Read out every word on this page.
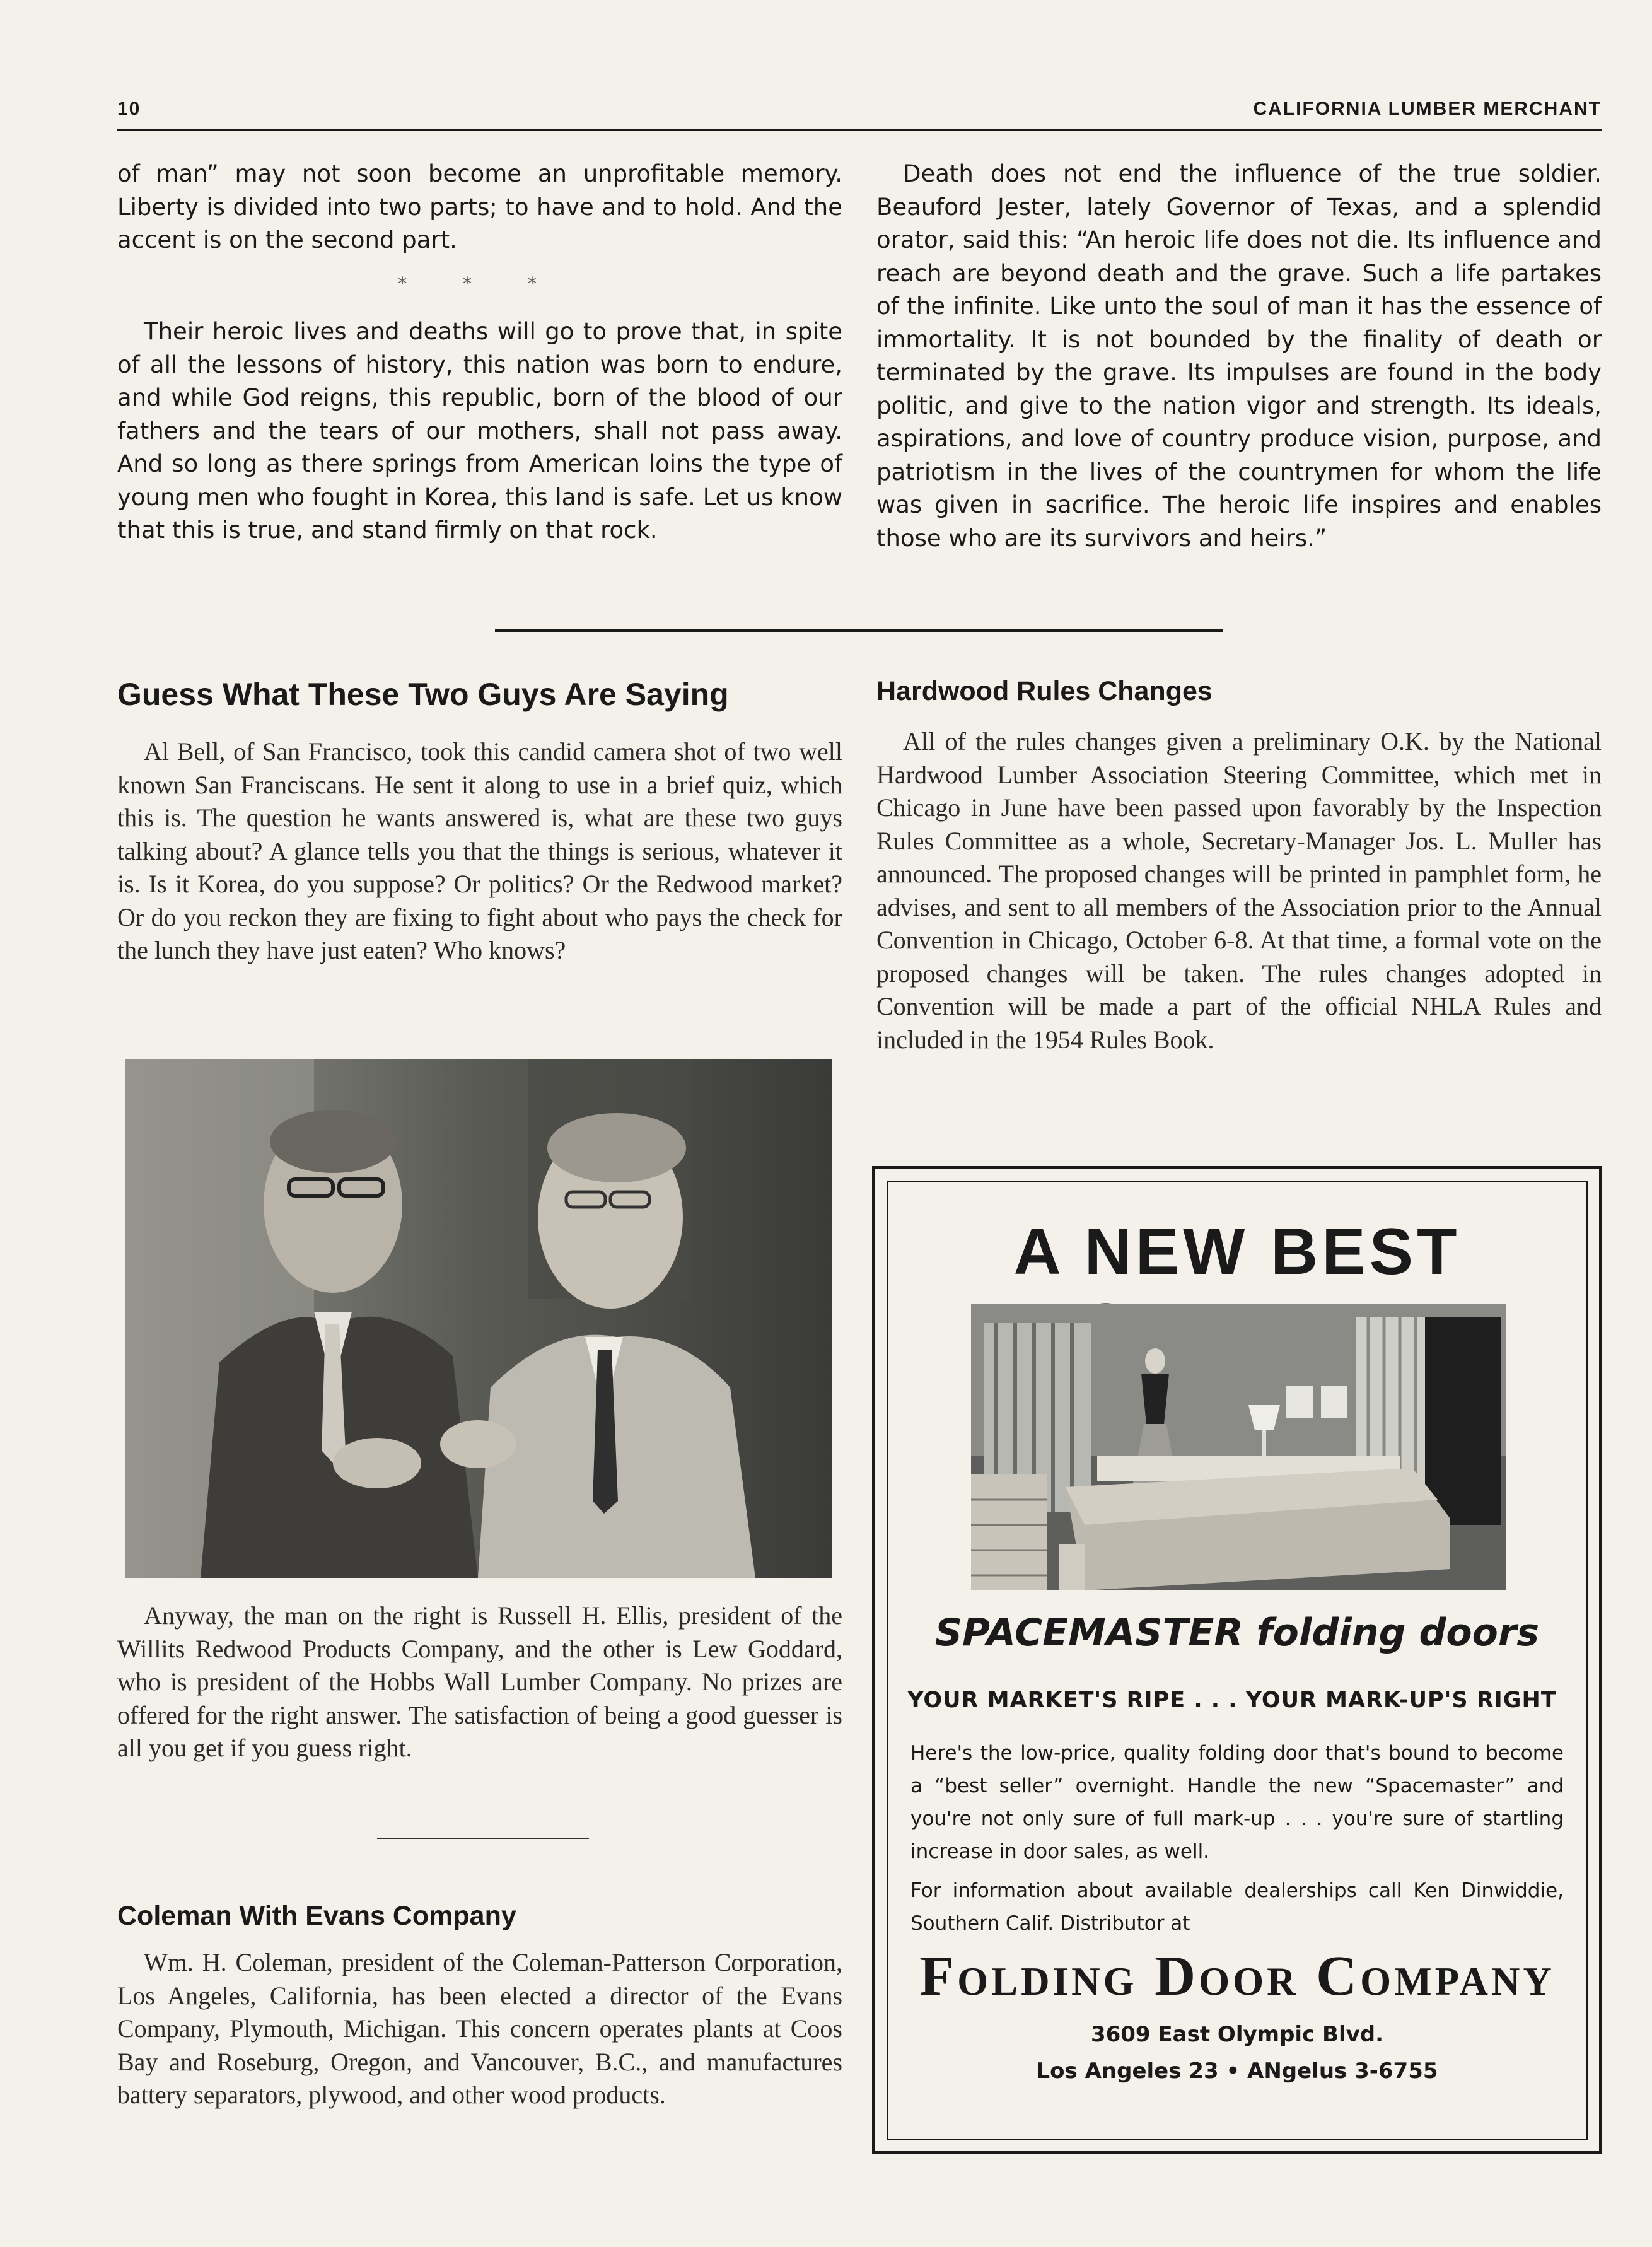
10	CALIFORNIA LUMBER MERCHANT

of man” may not soon become an unprofitable memory. Liberty is divided into two parts; to have and to hold. And the accent is on the second part.

* * *

Their heroic lives and deaths will go to prove that, in spite of all the lessons of history, this nation was born to endure, and while God reigns, this republic, born of the blood of our fathers and the tears of our mothers, shall not pass away. And so long as there springs from American loins the type of young men who fought in Korea, this land is safe. Let us know that this is true, and stand firmly on that rock.

Death does not end the influence of the true soldier. Beauford Jester, lately Governor of Texas, and a splendid orator, said this: “An heroic life does not die. Its influence and reach are beyond death and the grave. Such a life partakes of the infinite. Like unto the soul of man it has the essence of immortality. It is not bounded by the finality of death or terminated by the grave. Its impulses are found in the body politic, and give to the nation vigor and strength. Its ideals, aspirations, and love of country produce vision, purpose, and patriotism in the lives of the countrymen for whom the life was given in sacrifice. The heroic life inspires and enables those who are its survivors and heirs.”

Guess What These Two Guys Are Saying

Al Bell, of San Francisco, took this candid camera shot of two well known San Franciscans. He sent it along to use in a brief quiz, which this is. The question he wants answered is, what are these two guys talking about? A glance tells you that the things is serious, whatever it is. Is it Korea, do you suppose? Or politics? Or the Redwood market? Or do you reckon they are fixing to fight about who pays the check for the lunch they have just eaten? Who knows?

Anyway, the man on the right is Russell H. Ellis, president of the Willits Redwood Products Company, and the other is Lew Goddard, who is president of the Hobbs Wall Lumber Company. No prizes are offered for the right answer. The satisfaction of being a good guesser is all you get if you guess right.

Coleman With Evans Company

Wm. H. Coleman, president of the Coleman-Patterson Corporation, Los Angeles, California, has been elected a director of the Evans Company, Plymouth, Michigan. This concern operates plants at Coos Bay and Roseburg, Oregon, and Vancouver, B.C., and manufactures battery separators, plywood, and other wood products.

Hardwood Rules Changes

All of the rules changes given a preliminary O.K. by the National Hardwood Lumber Association Steering Committee, which met in Chicago in June have been passed upon favorably by the Inspection Rules Committee as a whole, Secretary-Manager Jos. L. Muller has announced. The proposed changes will be printed in pamphlet form, he advises, and sent to all members of the Association prior to the Annual Convention in Chicago, October 6-8. At that time, a formal vote on the proposed changes will be taken. The rules changes adopted in Convention will be made a part of the official NHLA Rules and included in the 1954 Rules Book.

A NEW BEST
SPACEMASTER folding doors
YOUR MARKET'S RIPE . . . YOUR MARK-UP'S RIGHT

Here's the low-price, quality folding door that's bound to become a “best seller” overnight. Handle the new “Spacemaster” and you're not only sure of full mark-up . . . you're sure of startling increase in door sales, as well.

For information about available dealerships call Ken Dinwiddie, Southern Calif. Distributor at

Folding Door Company
3609 East Olympic Blvd.
Los Angeles 23 • ANgelus 3-6755
